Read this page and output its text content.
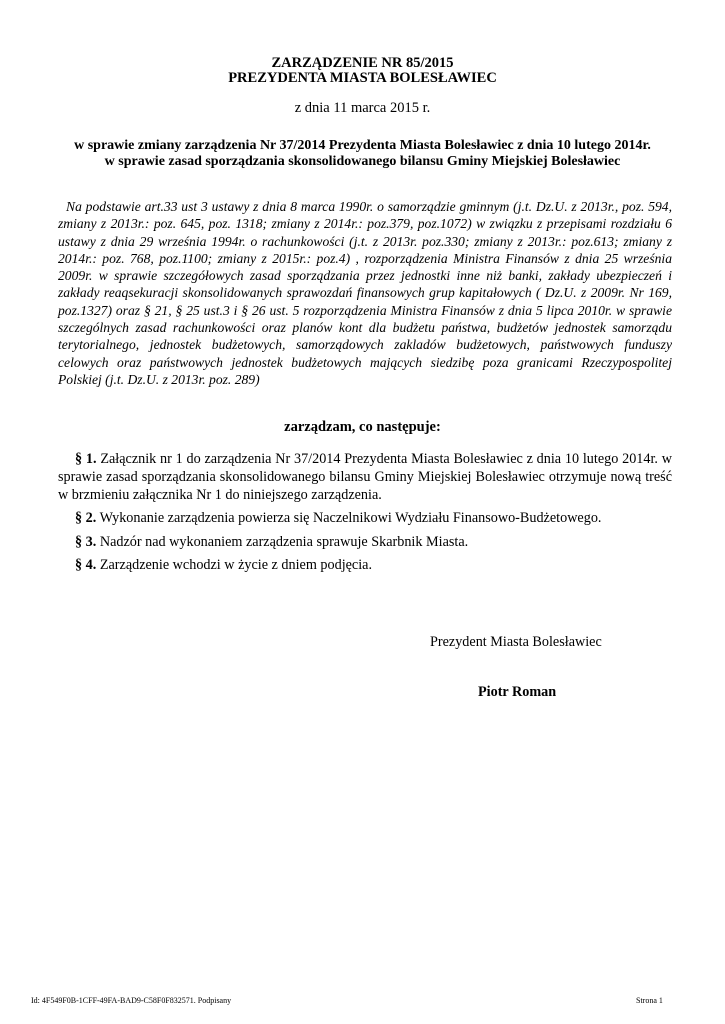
ZARZĄDZENIE NR 85/2015
PREZYDENTA MIASTA BOLESŁAWIEC
z dnia 11 marca 2015 r.
w sprawie zmiany zarządzenia Nr 37/2014 Prezydenta Miasta Bolesławiec z dnia 10 lutego 2014r.
w sprawie zasad sporządzania skonsolidowanego bilansu Gminy Miejskiej Bolesławiec
Na podstawie art.33 ust 3 ustawy z dnia 8 marca 1990r. o samorządzie gminnym (j.t. Dz.U. z 2013r., poz. 594, zmiany z 2013r.: poz. 645, poz. 1318; zmiany z 2014r.: poz.379, poz.1072) w związku z przepisami rozdziału 6 ustawy z dnia 29 września 1994r. o rachunkowości (j.t. z 2013r. poz.330; zmiany z 2013r.: poz.613; zmiany z 2014r.: poz. 768, poz.1100; zmiany z 2015r.: poz.4) , rozporządzenia Ministra Finansów z dnia 25 września 2009r. w sprawie szczegółowych zasad sporządzania przez jednostki inne niż banki, zakłady ubezpieczeń i zakłady reaqsekuracji skonsolidowanych sprawozdań finansowych grup kapitałowych ( Dz.U. z 2009r. Nr 169, poz.1327) oraz § 21, § 25 ust.3 i § 26 ust. 5 rozporządzenia Ministra Finansów z dnia 5 lipca 2010r. w sprawie szczególnych zasad rachunkowości oraz planów kont dla budżetu państwa, budżetów jednostek samorządu terytorialnego, jednostek budżetowych, samorządowych zakladów budżetowych, państwowych funduszy celowych oraz państwowych jednostek budżetowych mających siedzibę poza granicami Rzeczypospolitej Polskiej (j.t. Dz.U. z 2013r. poz. 289)
zarządzam, co następuje:
§ 1. Załącznik nr 1 do zarządzenia Nr 37/2014 Prezydenta Miasta Bolesławiec z dnia 10 lutego 2014r. w sprawie zasad sporządzania skonsolidowanego bilansu Gminy Miejskiej Bolesławiec otrzymuje nową treść w brzmieniu załącznika Nr 1 do niniejszego zarządzenia.
§ 2. Wykonanie zarządzenia powierza się Naczelnikowi Wydziału Finansowo-Budżetowego.
§ 3. Nadzór nad wykonaniem zarządzenia sprawuje Skarbnik Miasta.
§ 4. Zarządzenie wchodzi w życie z dniem podjęcia.
Prezydent Miasta Bolesławiec
Piotr Roman
Id: 4F549F0B-1CFF-49FA-BAD9-C58F0F832571. Podpisany	Strona 1
